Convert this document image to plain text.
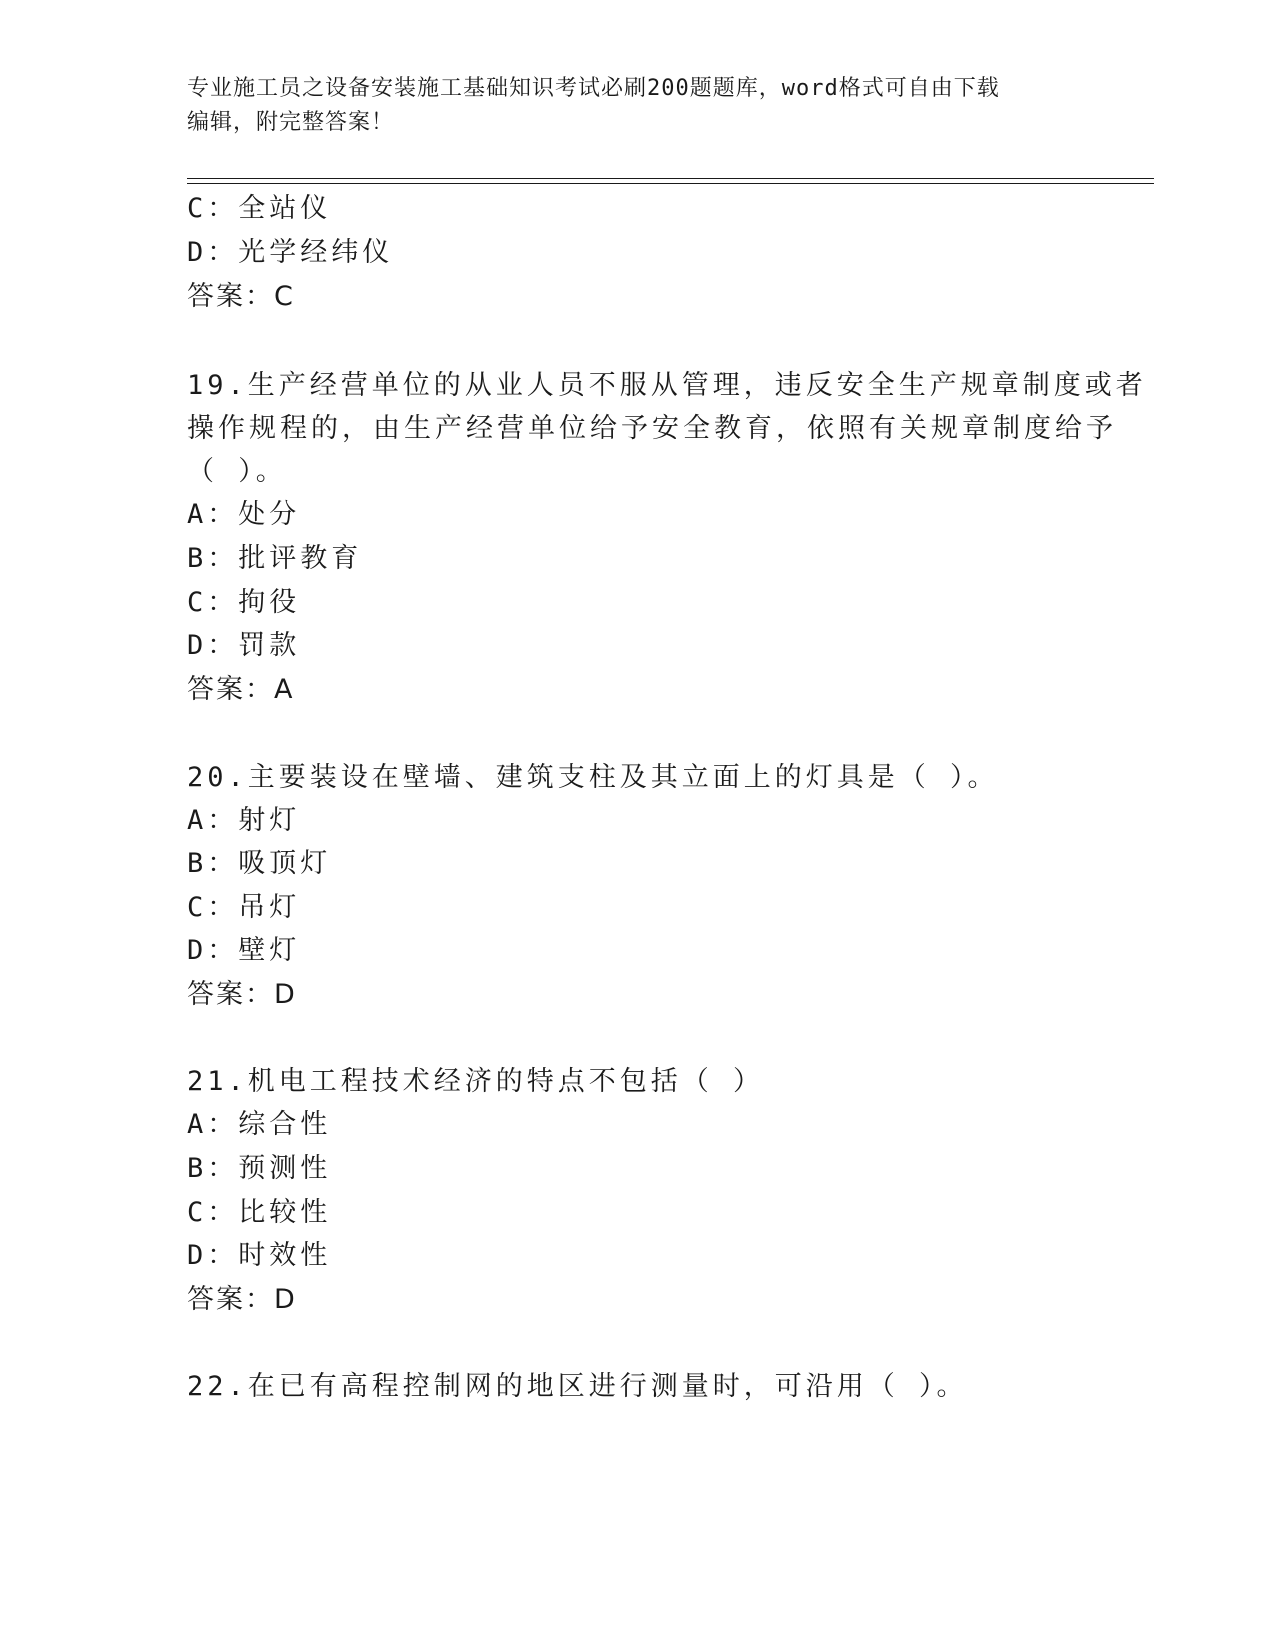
专业施工员之设备安装施工基础知识考试必刷200题题库，word格式可自由下载
编辑，附完整答案！
C：全站仪
D：光学经纬仪
答案：C
19.生产经营单位的从业人员不服从管理，违反安全生产规章制度或者
操作规程的，由生产经营单位给予安全教育，依照有关规章制度给予
（ ）。
A：处分
B：批评教育
C：拘役
D：罚款
答案：A
20.主要装设在壁墙、建筑支柱及其立面上的灯具是（ ）。
A：射灯
B：吸顶灯
C：吊灯
D：壁灯
答案：D
21.机电工程技术经济的特点不包括（ ）
A：综合性
B：预测性
C：比较性
D：时效性
答案：D
22.在已有高程控制网的地区进行测量时，可沿用（ ）。
